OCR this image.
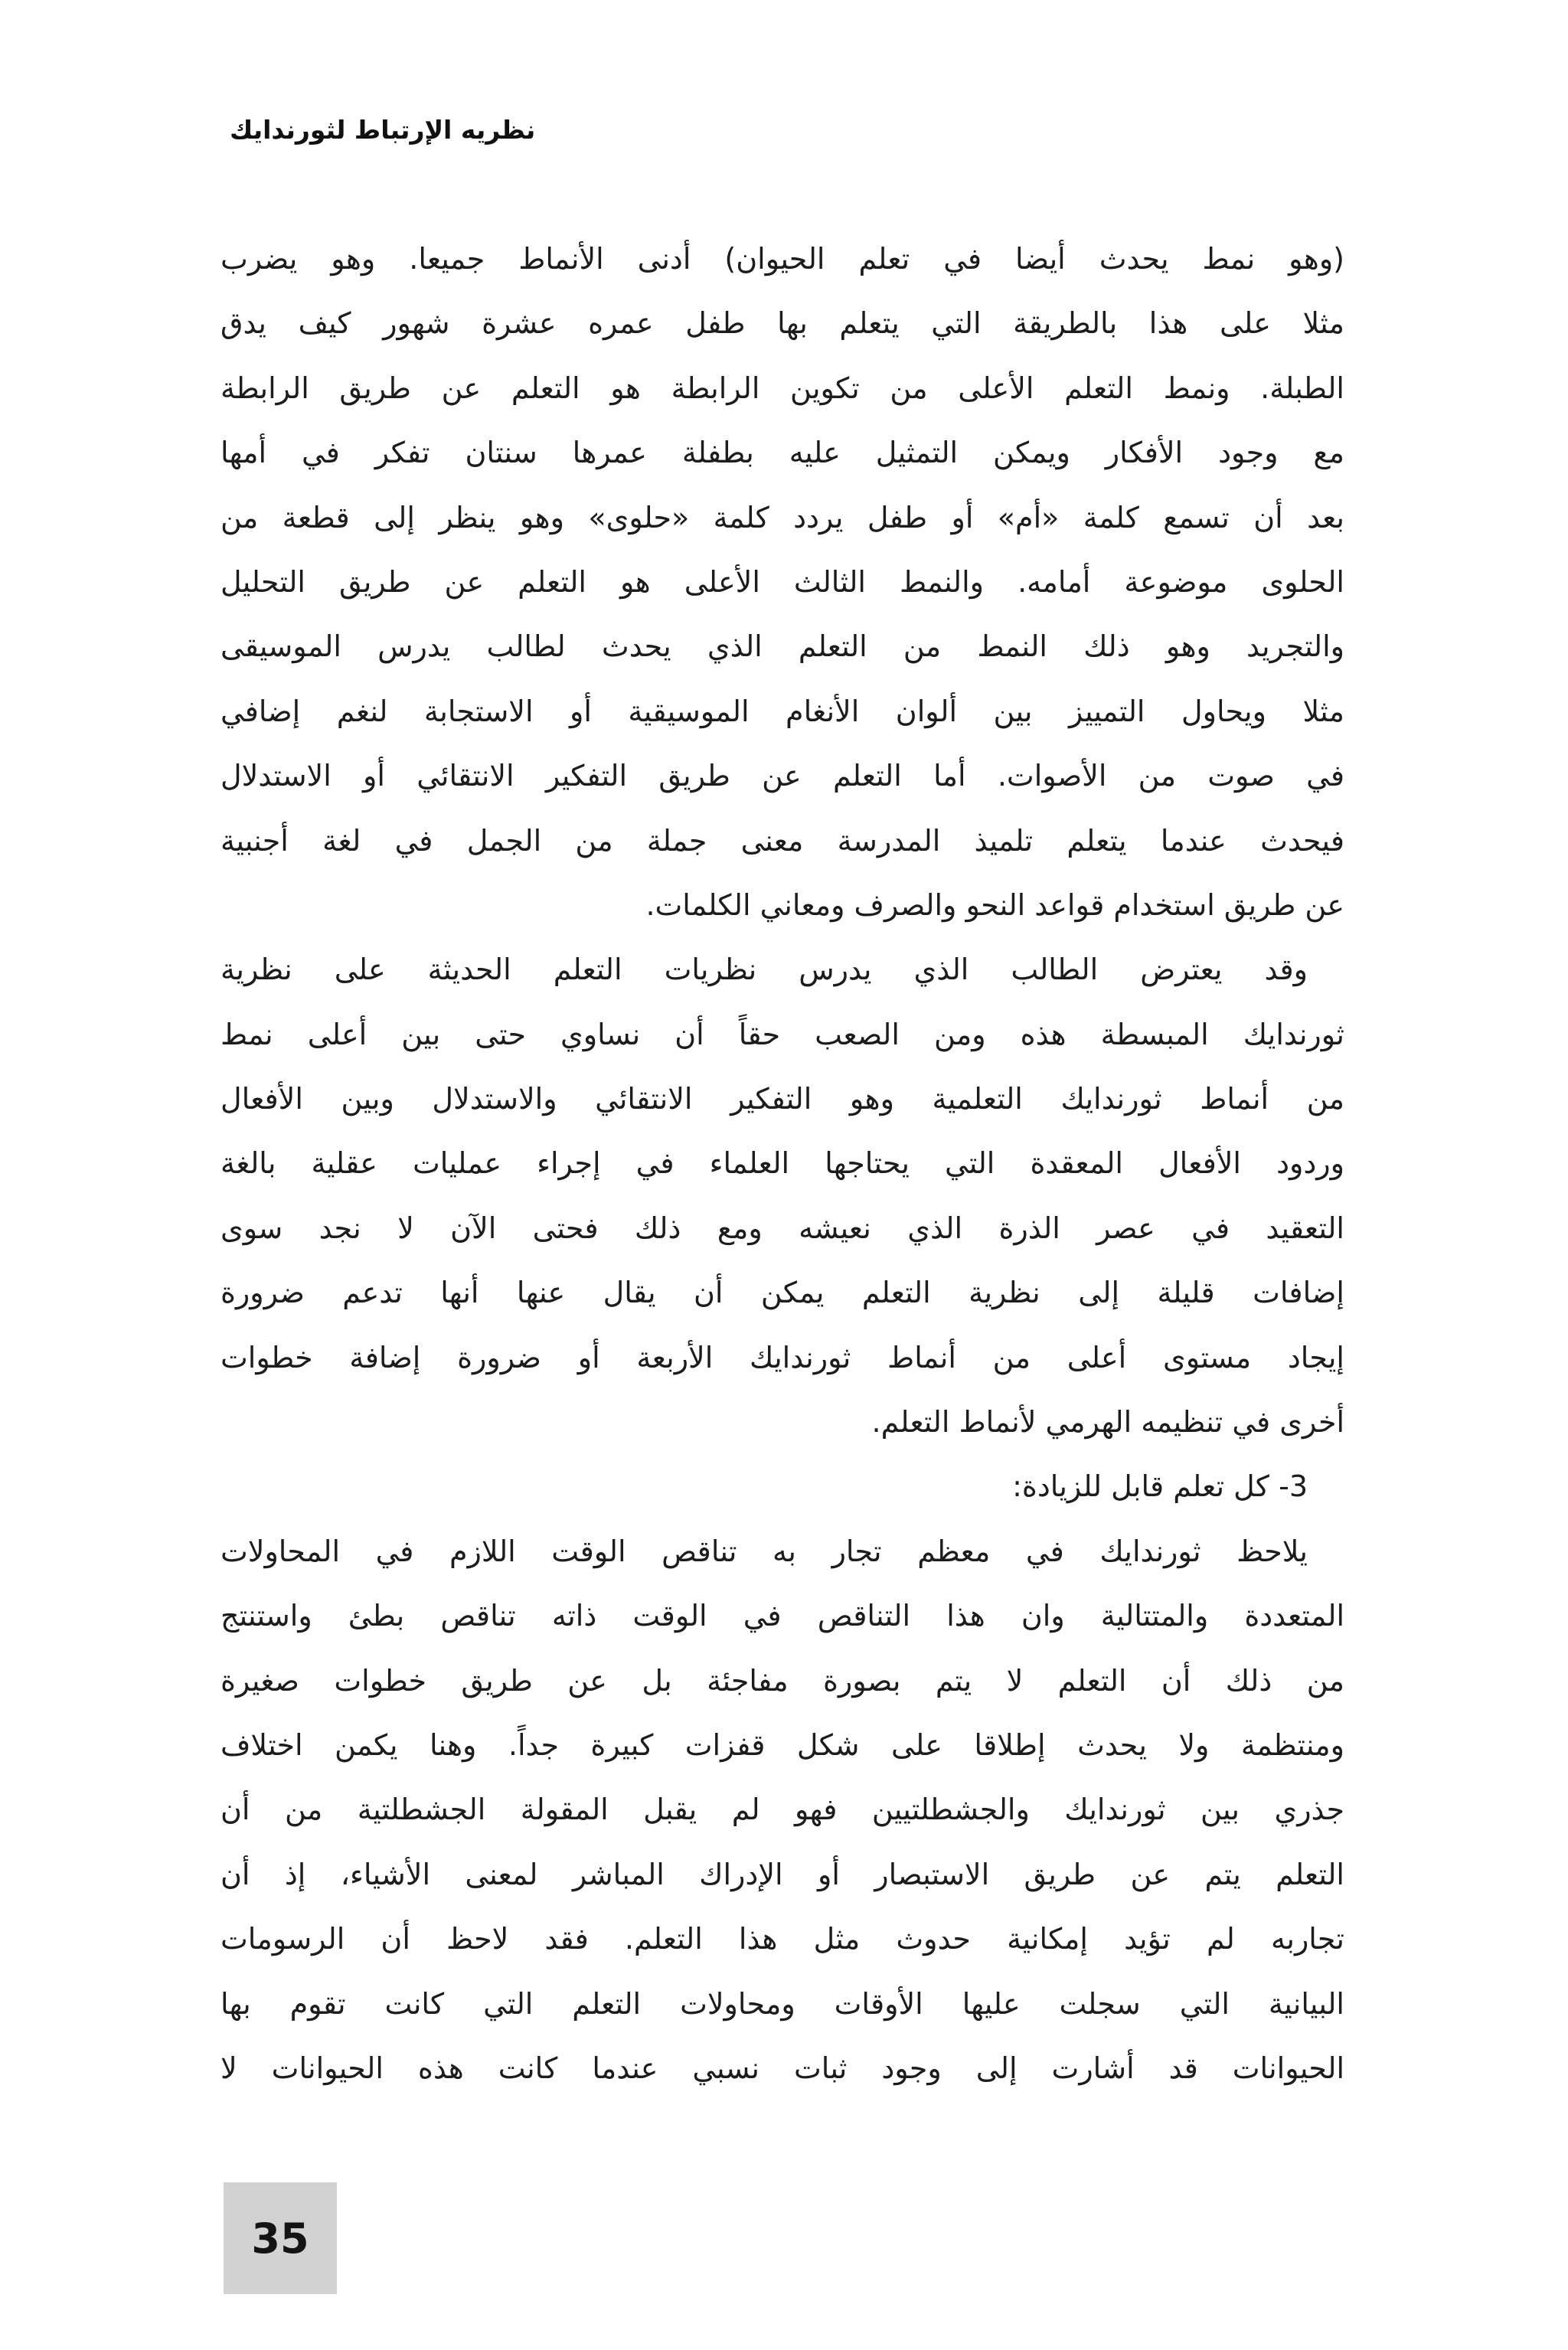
نظريه الإرتباط لثورندايك
(وهو نمط يحدث أيضا في تعلم الحيوان) أدنى الأنماط جميعا. وهو يضرب
مثلا على هذا بالطريقة التي يتعلم بها طفل عمره عشرة شهور كيف يدق
الطبلة. ونمط التعلم الأعلى من تكوين الرابطة هو التعلم عن طريق الرابطة
مع وجود الأفكار ويمكن التمثيل عليه بطفلة عمرها سنتان تفكر في أمها
بعد أن تسمع كلمة «أم» أو طفل يردد كلمة «حلوى» وهو ينظر إلى قطعة من
الحلوى موضوعة أمامه. والنمط الثالث الأعلى هو التعلم عن طريق التحليل
والتجريد وهو ذلك النمط من التعلم الذي يحدث لطالب يدرس الموسيقى
مثلا ويحاول التمييز بين ألوان الأنغام الموسيقية أو الاستجابة لنغم إضافي
في صوت من الأصوات. أما التعلم عن طريق التفكير الانتقائي أو الاستدلال
فيحدث عندما يتعلم تلميذ المدرسة معنى جملة من الجمل في لغة أجنبية
عن طريق استخدام قواعد النحو والصرف ومعاني الكلمات.
وقد يعترض الطالب الذي يدرس نظريات التعلم الحديثة على نظرية
ثورندايك المبسطة هذه ومن الصعب حقاً أن نساوي حتى بين أعلى نمط
من أنماط ثورندايك التعلمية وهو التفكير الانتقائي والاستدلال وبين الأفعال
وردود الأفعال المعقدة التي يحتاجها العلماء في إجراء عمليات عقلية بالغة
التعقيد في عصر الذرة الذي نعيشه ومع ذلك فحتى الآن لا نجد سوى
إضافات قليلة إلى نظرية التعلم يمكن أن يقال عنها أنها تدعم ضرورة
إيجاد مستوى أعلى من أنماط ثورندايك الأربعة أو ضرورة إضافة خطوات
أخرى في تنظيمه الهرمي لأنماط التعلم.
3- كل تعلم قابل للزيادة:
يلاحظ ثورندايك في معظم تجار به تناقص الوقت اللازم في المحاولات
المتعددة والمتتالية وان هذا التناقص في الوقت ذاته تناقص بطئ واستنتج
من ذلك أن التعلم لا يتم بصورة مفاجئة بل عن طريق خطوات صغيرة
ومنتظمة ولا يحدث إطلاقا على شكل قفزات كبيرة جداً. وهنا يكمن اختلاف
جذري بين ثورندايك والجشطلتيين فهو لم يقبل المقولة الجشطلتية من أن
التعلم يتم عن طريق الاستبصار أو الإدراك المباشر لمعنى الأشياء، إذ أن
تجاربه لم تؤيد إمكانية حدوث مثل هذا التعلم. فقد لاحظ أن الرسومات
البيانية التي سجلت عليها الأوقات ومحاولات التعلم التي كانت تقوم بها
الحيوانات قد أشارت إلى وجود ثبات نسبي عندما كانت هذه الحيوانات لا
35
